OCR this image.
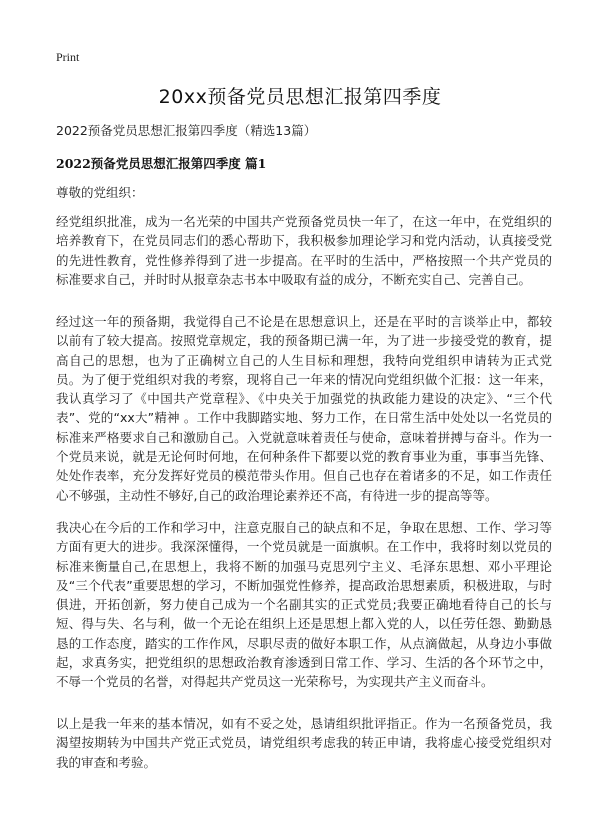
Print
20xx预备党员思想汇报第四季度
2022预备党员思想汇报第四季度（精选13篇）
2022预备党员思想汇报第四季度 篇1
尊敬的党组织：

经党组织批准，成为一名光荣的中国共产党预备党员快一年了，在这一年中，在党组织的培养教育下，在党员同志们的悉心帮助下，我积极参加理论学习和党内活动，认真接受党的先进性教育，党性修养得到了进一步提高。在平时的生活中，严格按照一个共产党员的标准要求自己，并时时从报章杂志书本中吸取有益的成分，不断充实自己、完善自己。

经过这一年的预备期，我觉得自己不论是在思想意识上，还是在平时的言谈举止中，都较以前有了较大提高。按照党章规定，我的预备期已满一年，为了进一步接受党的教育，提高自己的思想，也为了正确树立自己的人生目标和理想，我特向党组织申请转为正式党员。为了便于党组织对我的考察，现将自己一年来的情况向党组织做个汇报：这一年来，我认真学习了《中国共产党章程》、《中央关于加强党的执政能力建设的决定》、“三个代表”、党的“xx大”精神 。工作中我脚踏实地、努力工作，在日常生活中处处以一名党员的标准来严格要求自己和激励自己。入党就意味着责任与使命，意味着拼搏与奋斗。作为一个党员来说，就是无论何时何地，在何种条件下都要以党的教育事业为重，事事当先锋、处处作表率，充分发挥好党员的模范带头作用。但自己也存在着诸多的不足，如工作责任心不够强，主动性不够好,自己的政治理论素养还不高，有待进一步的提高等等。

我决心在今后的工作和学习中，注意克服自己的缺点和不足，争取在思想、工作、学习等方面有更大的进步。我深深懂得，一个党员就是一面旗帜。在工作中，我将时刻以党员的标准来衡量自己,在思想上，我将不断的加强马克思列宁主义、毛泽东思想、邓小平理论及“三个代表”重要思想的学习，不断加强党性修养，提高政治思想素质，积极进取，与时俱进，开拓创新，努力使自己成为一个名副其实的正式党员;我要正确地看待自己的长与短、得与失、名与利，做一个无论在组织上还是思想上都入党的人，以任劳任怨、勤勤恳恳的工作态度，踏实的工作作风，尽职尽责的做好本职工作，从点滴做起，从身边小事做起，求真务实，把党组织的思想政治教育渗透到日常工作、学习、生活的各个环节之中，不辱一个党员的名誉，对得起共产党员这一光荣称号，为实现共产主义而奋斗。

以上是我一年来的基本情况，如有不妥之处，恳请组织批评指正。作为一名预备党员，我渴望按期转为中国共产党正式党员，请党组织考虑我的转正申请，我将虚心接受党组织对我的审查和考验。
